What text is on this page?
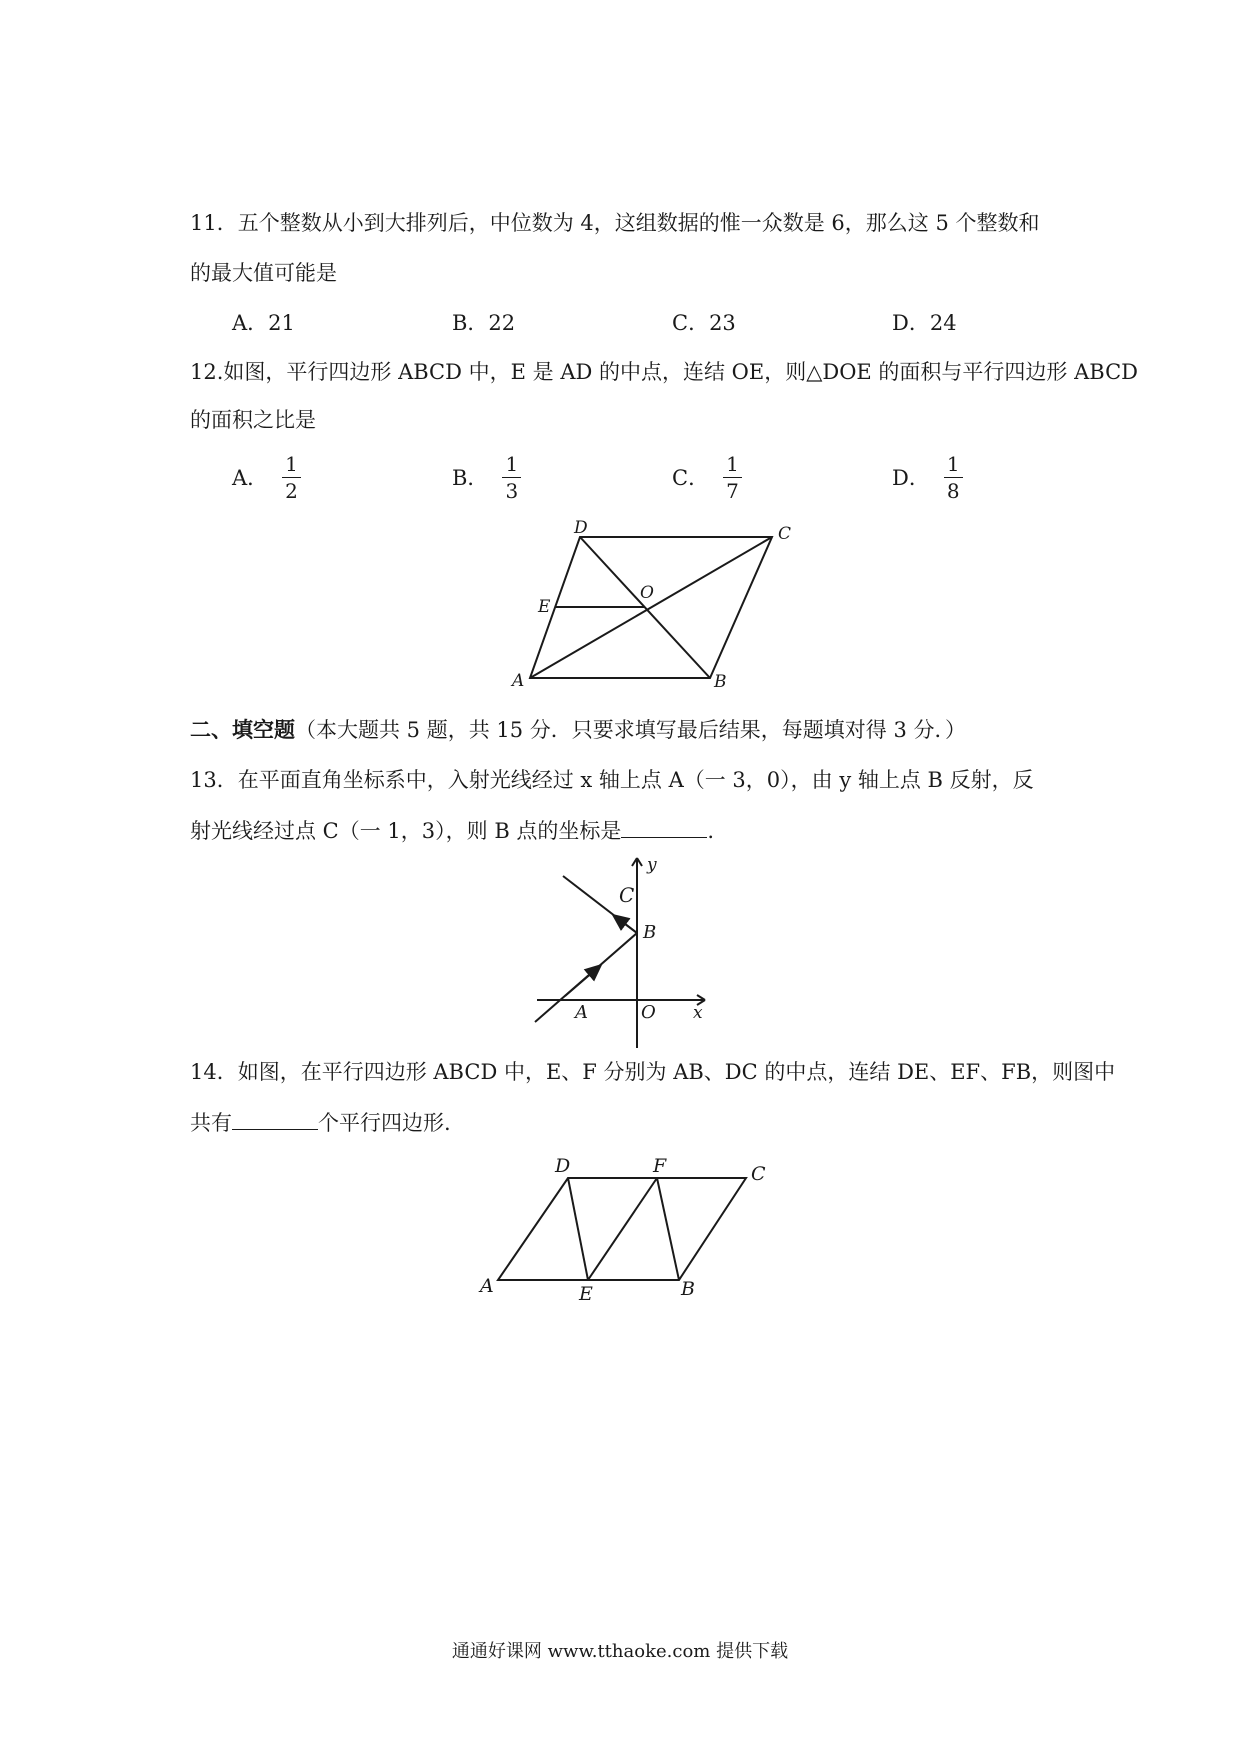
11．五个整数从小到大排列后，中位数为 4，这组数据的惟一众数是 6，那么这 5 个整数和
的最大值可能是
A．21	B．22	C．23	D．24
12.如图，平行四边形 ABCD 中，E 是 AD 的中点，连结 OE，则△DOE 的面积与平行四边形 ABCD
的面积之比是
A． $\frac{1}{2}$	B． $\frac{1}{3}$	C． $\frac{1}{7}$	D． $\frac{1}{8}$
D	C
E
O
A	B
二、填空题（本大题共 5 题，共 15 分．只要求填写最后结果，每题填对得 3 分．）
13．在平面直角坐标系中，入射光线经过 x 轴上点 A（一 3，0），由 y 轴上点 B 反射，反
射光线经过点 C（一 1，3），则 B 点的坐标是	.
y
x
C
B
A	O
14．如图，在平行四边形 ABCD 中，E、F 分别为 AB、DC 的中点，连结 DE、EF、FB，则图中
共有	个平行四边形.
D	F	C
A	E	B
通通好课网 www.tthaoke.com 提供下载
